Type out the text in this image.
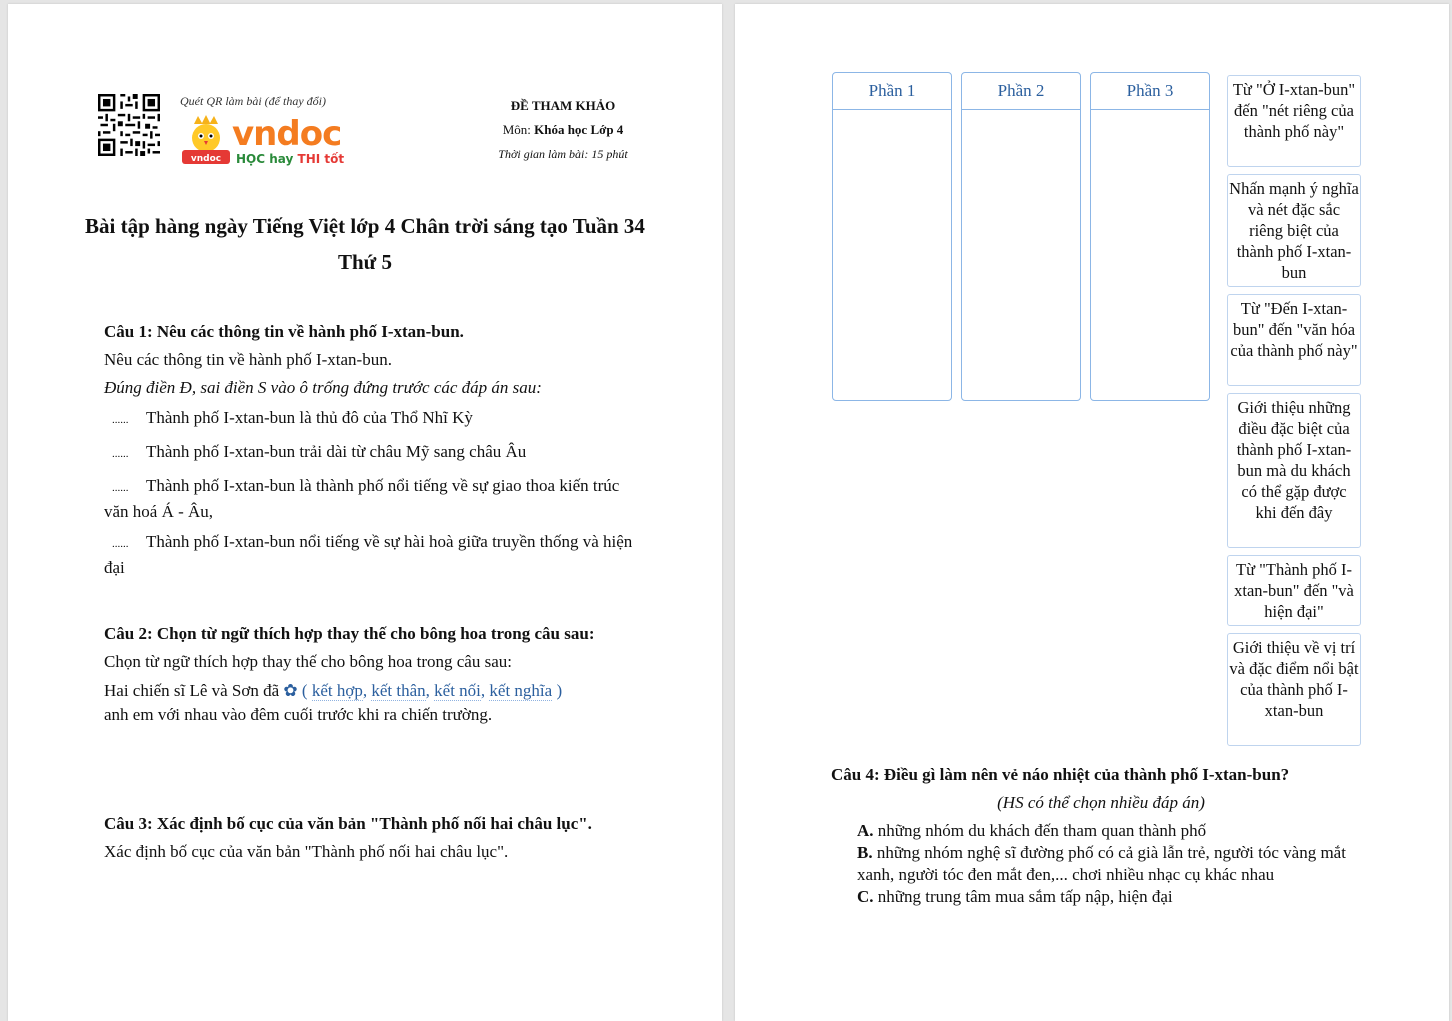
Quét QR làm bài (để thay đổi)
vndoc
vndoc
HỌC hay THI tốt
ĐỀ THAM KHẢO
Môn: Khóa học Lớp 4
Thời gian làm bài: 15 phút
Bài tập hàng ngày Tiếng Việt lớp 4 Chân trời sáng tạo Tuần 34
Thứ 5
Câu 1: Nêu các thông tin về hành phố I-xtan-bun.
Nêu các thông tin về hành phố I-xtan-bun.
Đúng điền Đ, sai điền S vào ô trống đứng trước các đáp án sau:
...... Thành phố I-xtan-bun là thủ đô của Thổ Nhĩ Kỳ
...... Thành phố I-xtan-bun trải dài từ châu Mỹ sang châu Âu
...... Thành phố I-xtan-bun là thành phố nổi tiếng về sự giao thoa kiến trúc văn hoá Á - Âu,
...... Thành phố I-xtan-bun nổi tiếng về sự hài hoà giữa truyền thống và hiện đại
Câu 2: Chọn từ ngữ thích hợp thay thế cho bông hoa trong câu sau:
Chọn từ ngữ thích hợp thay thế cho bông hoa trong câu sau:
Hai chiến sĩ Lê và Sơn đã ✿ ( kết hợp, kết thân, kết nối, kết nghĩa )
anh em với nhau vào đêm cuối trước khi ra chiến trường.
Câu 3: Xác định bố cục của văn bản "Thành phố nối hai châu lục".
Xác định bố cục của văn bản "Thành phố nối hai châu lục".
Phần 1	Phần 2	Phần 3	Từ "Ở I-xtan-bun" đến "nét riêng của thành phố này"
Nhấn mạnh ý nghĩa và nét đặc sắc riêng biệt của thành phố I-xtan-bun
Từ "Đến I-xtan-bun" đến "văn hóa của thành phố này"
Giới thiệu những điều đặc biệt của thành phố I-xtan-bun mà du khách có thể gặp được khi đến đây
Từ "Thành phố I-xtan-bun" đến "và hiện đại"
Giới thiệu về vị trí và đặc điểm nổi bật của thành phố I-xtan-bun
Câu 4: Điều gì làm nên vẻ náo nhiệt của thành phố I-xtan-bun?
(HS có thể chọn nhiều đáp án)

A. những nhóm du khách đến tham quan thành phố

B. những nhóm nghệ sĩ đường phố có cả già lẫn trẻ, người tóc vàng mắt xanh, người tóc đen mắt đen,... chơi nhiều nhạc cụ khác nhau

C. những trung tâm mua sắm tấp nập, hiện đại
